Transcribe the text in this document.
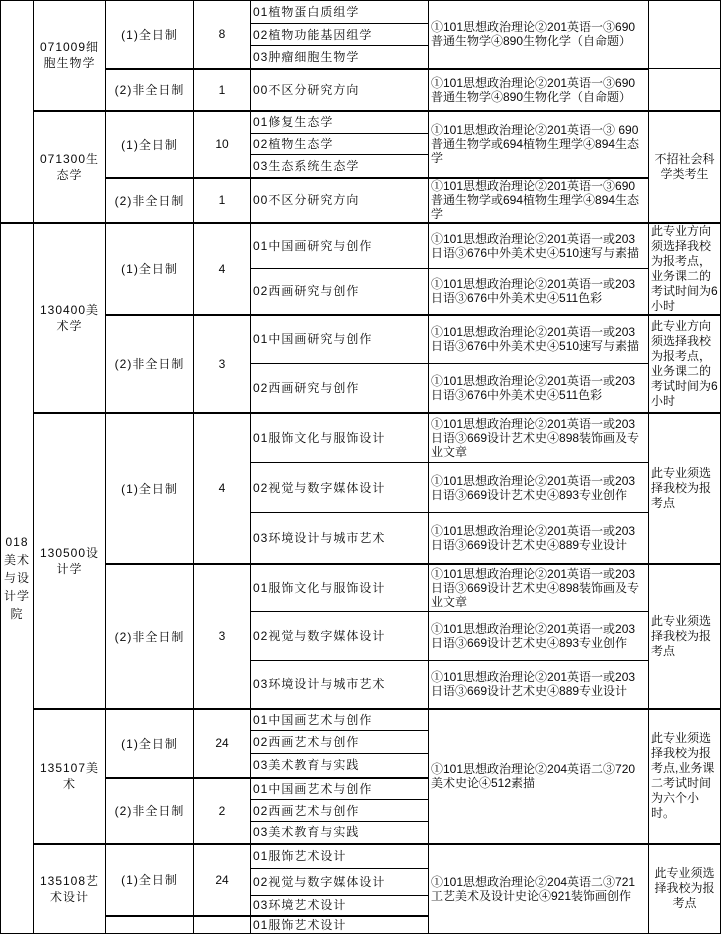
	071009细胞生物学	(1)全日制	8	01植物蛋白质组学	①101思想政治理论②201英语一③690普通生物学④890生物化学（自命题）	
				02植物功能基因组学		
				03肿瘤细胞生物学		
		(2)非全日制	1	00不区分研究方向	①101思想政治理论②201英语一③690普通生物学④890生物化学（自命题）	
	071300生态学	(1)全日制	10	01修复生态学	①101思想政治理论②201英语一③ 690普通生物学或694植物生理学④894生态学	不招社会科学类考生
				02植物生态学		
				03生态系统生态学		
		(2)非全日制	1	00不区分研究方向	①101思想政治理论②201英语一③690普通生物学或694植物生理学④894生态学	
018美术与设计学院	130400美术学	(1)全日制	4	01中国画研究与创作	①101思想政治理论②201英语一或203日语③676中外美术史④510速写与素描	此专业方向须选择我校为报考点，业务课二的考试时间为6小时
				02西画研究与创作	①101思想政治理论②201英语一或203日语③676中外美术史④511色彩	
		(2)非全日制	3	01中国画研究与创作	①101思想政治理论②201英语一或203日语③676中外美术史④510速写与素描	此专业方向须选择我校为报考点，业务课二的考试时间为6小时
				02西画研究与创作	①101思想政治理论②201英语一或203日语③676中外美术史④511色彩	
	130500设计学	(1)全日制	4	01服饰文化与服饰设计	①101思想政治理论②201英语一或203日语③669设计艺术史④898装饰画及专业文章	此专业须选择我校为报考点
				02视觉与数字媒体设计	①101思想政治理论②201英语一或203日语③669设计艺术史④893专业创作	
				03环境设计与城市艺术	①101思想政治理论②201英语一或203日语③669设计艺术史④889专业设计	
		(2)非全日制	3	01服饰文化与服饰设计	①101思想政治理论②201英语一或203日语③669设计艺术史④898装饰画及专业文章	此专业须选择我校为报考点
				02视觉与数字媒体设计	①101思想政治理论②201英语一或203日语③669设计艺术史④893专业创作	
				03环境设计与城市艺术	①101思想政治理论②201英语一或203日语③669设计艺术史④889专业设计	
	135107美术	(1)全日制	24	01中国画艺术与创作	①101思想政治理论②204英语二③720美术史论④512素描	此专业须选择我校为报考点,业务课二考试时间为六个小时。
				02西画艺术与创作		
				03美术教育与实践		
		(2)非全日制	2	01中国画艺术与创作		
				02西画艺术与创作		
				03美术教育与实践		
	135108艺术设计	(1)全日制	24	01服饰艺术设计	①101思想政治理论②204英语二③721工艺美术及设计史论④921装饰画创作	此专业须选择我校为报考点
				02视觉与数字媒体设计		
				03环境艺术设计		
				01服饰艺术设计		
